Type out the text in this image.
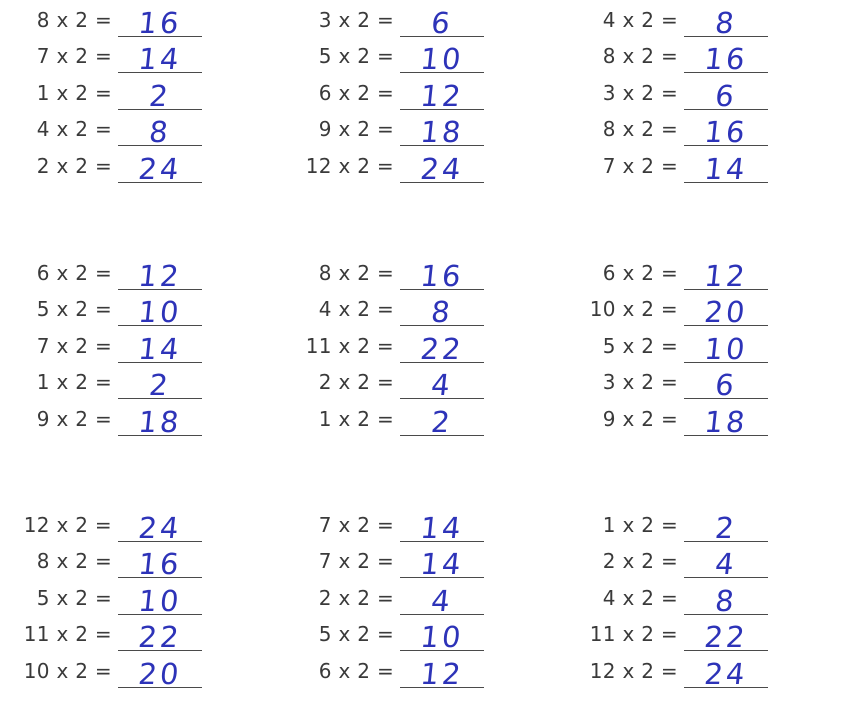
8 x 2 = 16
7 x 2 = 14
1 x 2 =	2
4 x 2 =	8
2 x 2 = 24
3 x 2 =	6
5 x 2 = 10
6 x 2 = 12
9 x 2 = 18
12 x 2 = 24
4 x 2 =	8
8 x 2 = 16
3 x 2 =	6
8 x 2 = 16
7 x 2 = 14
6 x 2 = 12
5 x 2 = 10
7 x 2 = 14
1 x 2 =	2
9 x 2 = 18
8 x 2 = 16
4 x 2 =	8
11 x 2 = 22
2 x 2 =	4
1 x 2 =	2
6 x 2 = 12
10 x 2 = 20
5 x 2 = 10
3 x 2 =	6
9 x 2 = 18
12 x 2 = 24
8 x 2 = 16
5 x 2 = 10
11 x 2 = 22
10 x 2 = 20
7 x 2 = 14
7 x 2 = 14
2 x 2 =	4
5 x 2 = 10
6 x 2 = 12
1 x 2 =	2
2 x 2 =	4
4 x 2 =	8
11 x 2 = 22
12 x 2 = 24
